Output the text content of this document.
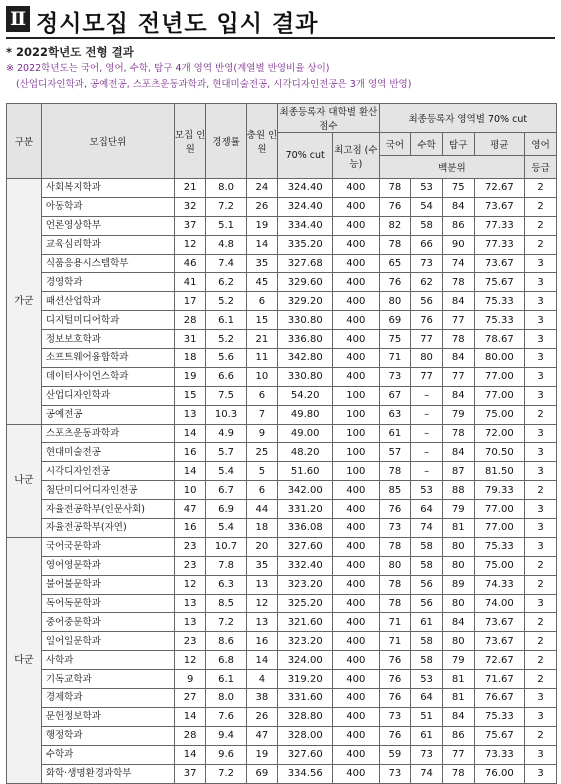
Ⅱ 정시모집 전년도 입시 결과
* 2022학년도 전형 결과
※ 2022학년도는 국어, 영어, 수학, 탐구 4개 영역 반영(계열별 반영비율 상이)
(산업디자인학과, 공예전공, 스포츠운동과학과, 현대미술전공, 시각디자인전공은 3개 영역 반영)
구분	모집단위	모집 인원	경쟁률	충원 인원	최종등록자 대학별 환산점수		최종등록자 영역별 70% cut				
					70% cut	최고점 (수능)	국어	수학	탐구	평균	영어
							백분위				등급
가군	사회복지학과	21	8.0	24	324.40	400	78	53	75	72.67	2
	아동학과	32	7.2	26	324.40	400	76	54	84	73.67	2
	언론영상학부	37	5.1	19	334.40	400	82	58	86	77.33	2
	교육심리학과	12	4.8	14	335.20	400	78	66	90	77.33	2
	식품응용시스템학부	46	7.4	35	327.68	400	65	73	74	73.67	3
	경영학과	41	6.2	45	329.60	400	76	62	78	75.67	3
	패션산업학과	17	5.2	6	329.20	400	80	56	84	75.33	3
	디지털미디어학과	28	6.1	15	330.80	400	69	76	77	75.33	3
	정보보호학과	31	5.2	21	336.80	400	75	77	78	78.67	3
	소프트웨어융합학과	18	5.6	11	342.80	400	71	80	84	80.00	3
	데이터사이언스학과	19	6.6	10	330.80	400	73	77	77	77.00	3
	산업디자인학과	15	7.5	6	54.20	100	67	–	84	77.00	3
	공예전공	13	10.3	7	49.80	100	63	–	79	75.00	2
나군	스포츠운동과학과	14	4.9	9	49.00	100	61	–	78	72.00	3
	현대미술전공	16	5.7	25	48.20	100	57	–	84	70.50	3
	시각디자인전공	14	5.4	5	51.60	100	78	–	87	81.50	3
	첨단미디어디자인전공	10	6.7	6	342.00	400	85	53	88	79.33	2
	자율전공학부(인문사회)	47	6.9	44	331.20	400	76	64	79	77.00	3
	자율전공학부(자연)	16	5.4	18	336.08	400	73	74	81	77.00	3
다군	국어국문학과	23	10.7	20	327.60	400	78	58	80	75.33	3
	영어영문학과	23	7.8	35	332.40	400	80	58	80	75.00	2
	불어불문학과	12	6.3	13	323.20	400	78	56	89	74.33	2
	독어독문학과	13	8.5	12	325.20	400	78	56	80	74.00	3
	중어중문학과	13	7.2	13	321.60	400	71	61	84	73.67	2
	일어일문학과	23	8.6	16	323.20	400	71	58	80	73.67	2
	사학과	12	6.8	14	324.00	400	76	58	79	72.67	2
	기독교학과	9	6.1	4	319.20	400	76	53	81	71.67	2
	경제학과	27	8.0	38	331.60	400	76	64	81	76.67	3
	문헌정보학과	14	7.6	26	328.80	400	73	51	84	75.33	3
	행정학과	28	9.4	47	328.00	400	76	61	86	75.67	2
	수학과	14	9.6	19	327.60	400	59	73	77	73.33	3
	화학·생명환경과학부	37	7.2	69	334.56	400	73	74	78	76.00	3
